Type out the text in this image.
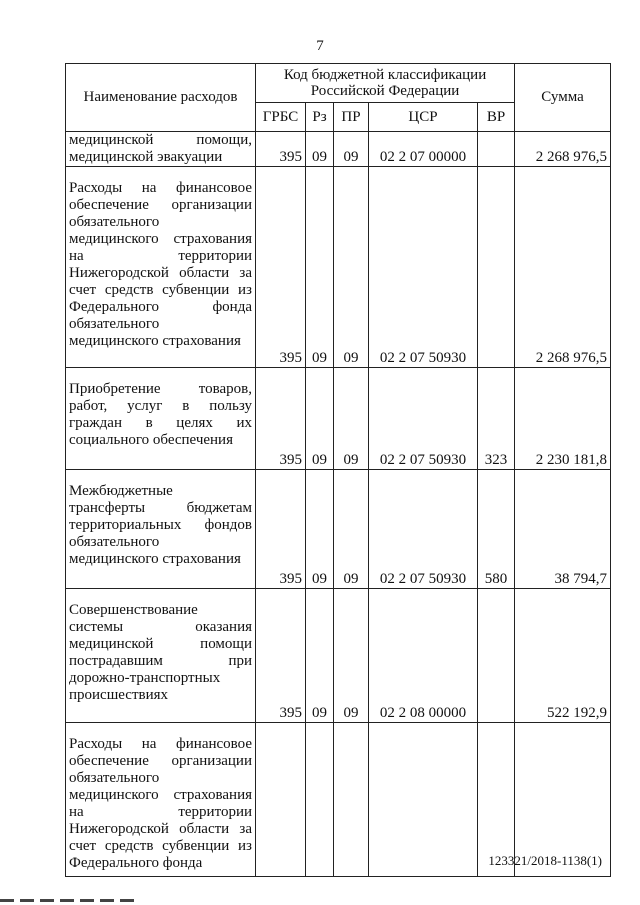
7
Наименование расходов	Код бюджетной классификации Российской Федерации					Сумма
	ГРБС	Рз	ПР	ЦСР	ВР	
медицинской помощи, медицинской эвакуации	395	09	09	02 2 07 00000		2 268 976,5
Расходы на финансовое обеспечение организации обязательного медицинского страхования на территории Нижегородской области за счет средств субвенции из Федерального фонда обязательного медицинского страхования	395	09	09	02 2 07 50930		2 268 976,5
Приобретение товаров, работ, услуг в пользу граждан в целях их социального обеспечения	395	09	09	02 2 07 50930	323	2 230 181,8
Межбюджетные трансферты бюджетам территориальных фондов обязательного медицинского страхования	395	09	09	02 2 07 50930	580	38 794,7
Совершенствование системы оказания медицинской помощи пострадавшим при дорожно-транспортных происшествиях	395	09	09	02 2 08 00000		522 192,9
Расходы на финансовое обеспечение организации обязательного медицинского страхования на территории Нижегородской области за счет средств субвенции из Федерального фонда							123321/2018-1138(1)
